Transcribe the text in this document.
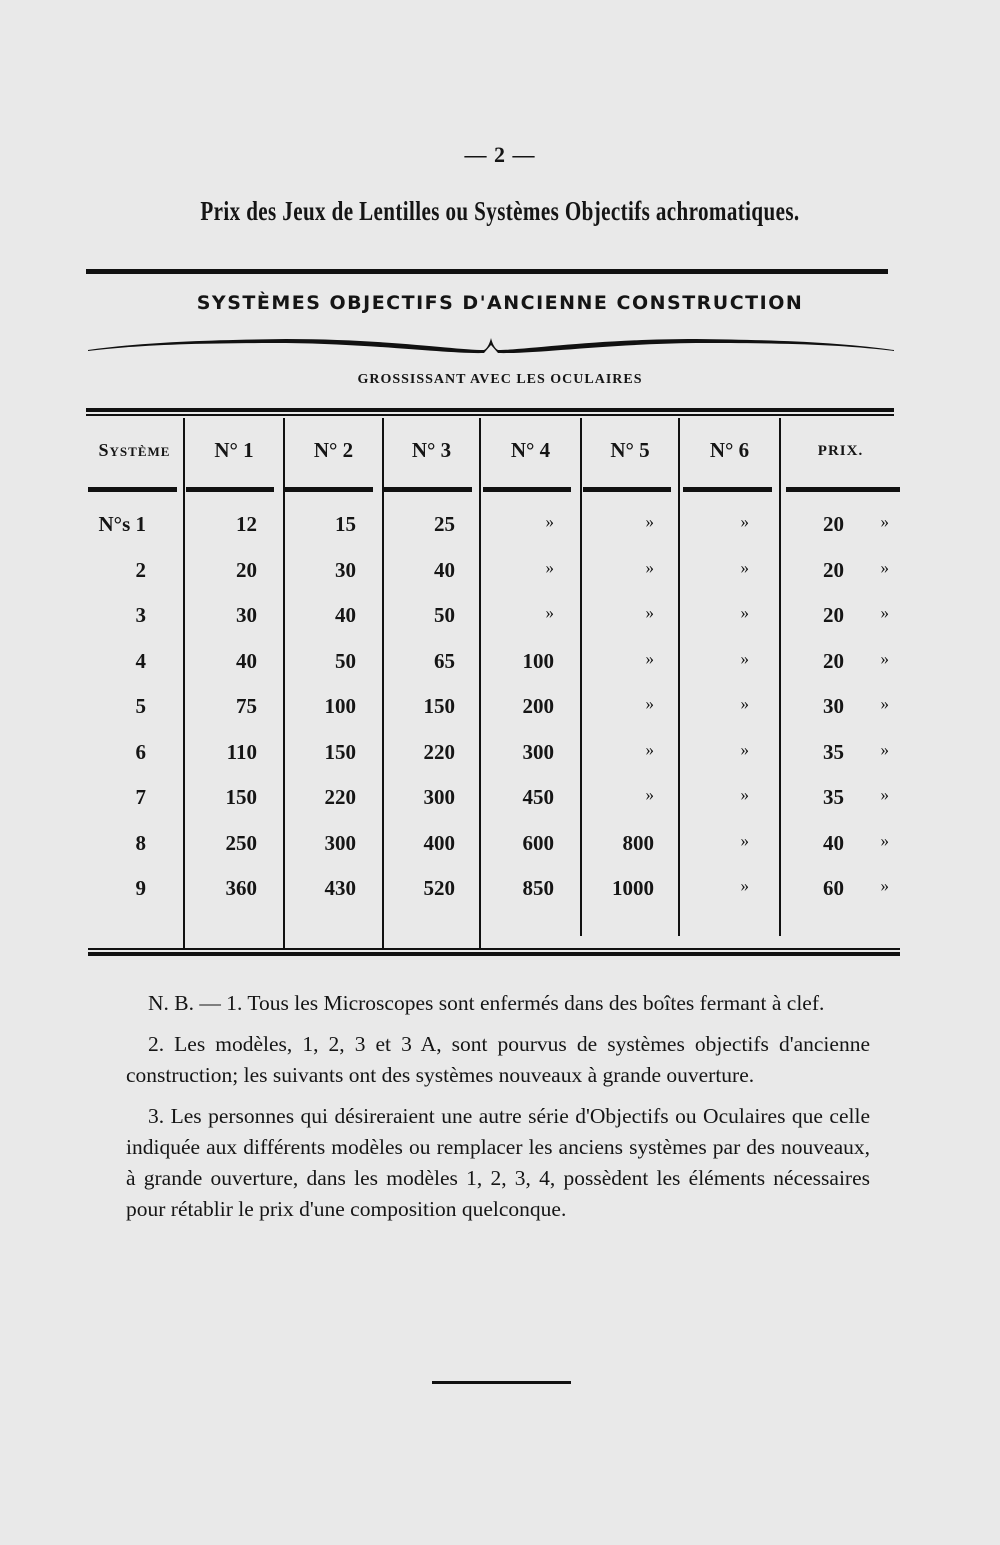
— 2 —
Prix des Jeux de Lentilles ou Systèmes Objectifs achromatiques.
SYSTÈMES OBJECTIFS D'ANCIENNE CONSTRUCTION
GROSSISSANT AVEC LES OCULAIRES
Système	N° 1	N° 2	N° 3	N° 4	N° 5	N° 6	PRIX.
N°s 1	12	15	25	»	»	»	20 »
2	20	30	40	»	»	»	20 »
3	30	40	50	»	»	»	20 »
4	40	50	65	100	»	»	20 »
5	75	100	150	200	»	»	30 »
6	110	150	220	300	»	»	35 »
7	150	220	300	450	»	»	35 »
8	250	300	400	600	800	»	40 »
9	360	430	520	850	1000	»	60 »

N. B. — 1. Tous les Microscopes sont enfermés dans des boîtes fermant à clef.

2. Les modèles, 1, 2, 3 et 3 A, sont pourvus de systèmes objectifs d'ancienne construction; les suivants ont des systèmes nouveaux à grande ouverture.

3. Les personnes qui désireraient une autre série d'Objectifs ou Oculaires que celle indiquée aux différents modèles ou remplacer les anciens systèmes par des nouveaux, à grande ouverture, dans les modèles 1, 2, 3, 4, possèdent les éléments nécessaires pour rétablir le prix d'une composition quelconque.
